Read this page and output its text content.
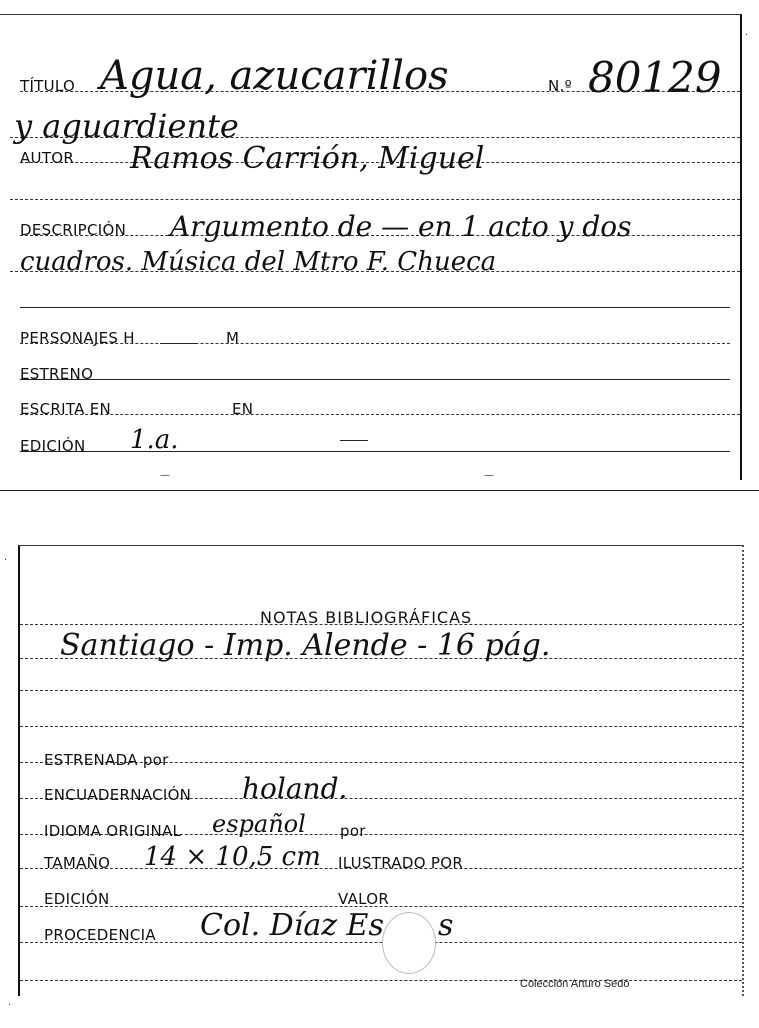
TÍTULO Agua, azucarillos	N.º 80129
y aguardiente
AUTOR Ramos Carrión, Miguel
DESCRIPCIÓN Argumento de — en 1 acto y dos
cuadros. Música del Mtro F. Chueca
PERSONAJES H	M
ESTRENO
ESCRITA EN	EN
EDICIÓN 1.a.
—	—
·
·
·
NOTAS BIBLIOGRÁFICAS
Santiago - Imp. Alende - 16 pág.
ESTRENADA por
ENCUADERNACIÓN holand.
IDIOMA ORIGINAL español por
TAMAÑO 14 × 10,5 cm ILUSTRADO POR
EDICIÓN	VALOR
PROCEDENCIA Col. Díaz Es s
Colección Arturo Sedó
